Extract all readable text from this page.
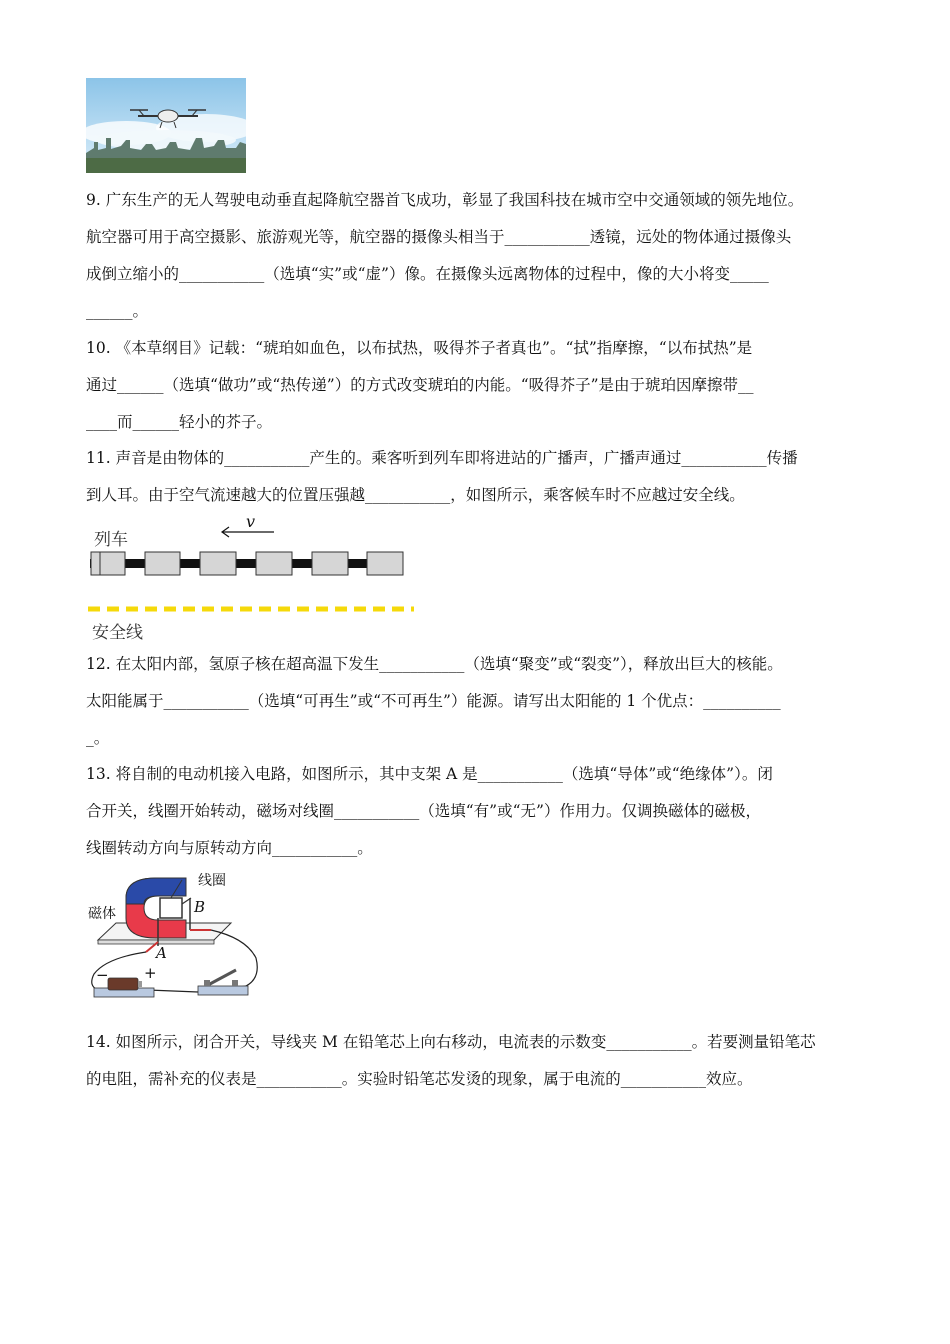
9. 广东生产的无人驾驶电动垂直起降航空器首飞成功，彰显了我国科技在城市空中交通领域的领先地位。
航空器可用于高空摄影、旅游观光等，航空器的摄像头相当于___________透镜，远处的物体通过摄像头
成倒立缩小的___________（选填“实”或“虚”）像。在摄像头远离物体的过程中，像的大小将变_____
______。
10. 《本草纲目》记载：“琥珀如血色，以布拭热，吸得芥子者真也”。“拭”指摩擦，“以布拭热”是
通过______（选填“做功”或“热传递”）的方式改变琥珀的内能。“吸得芥子”是由于琥珀因摩擦带__
____而______轻小的芥子。
11. 声音是由物体的___________产生的。乘客听到列车即将进站的广播声，广播声通过___________传播
到人耳。由于空气流速越大的位置压强越___________，如图所示，乘客候车时不应越过安全线。
列车
v
安全线
12. 在太阳内部，氢原子核在超高温下发生___________（选填“聚变”或“裂变”），释放出巨大的核能。
太阳能属于___________（选填“可再生”或“不可再生”）能源。请写出太阳能的 1 个优点：__________
_。
13. 将自制的电动机接入电路，如图所示，其中支架 A 是___________（选填“导体”或“绝缘体”）。闭
合开关，线圈开始转动，磁场对线圈___________（选填“有”或“无”）作用力。仅调换磁体的磁极，
线圈转动方向与原转动方向___________。
线圈
磁体	B
A
− +
14. 如图所示，闭合开关，导线夹 M 在铅笔芯上向右移动，电流表的示数变___________。若要测量铅笔芯
的电阻，需补充的仪表是___________。实验时铅笔芯发烫的现象，属于电流的___________效应。
